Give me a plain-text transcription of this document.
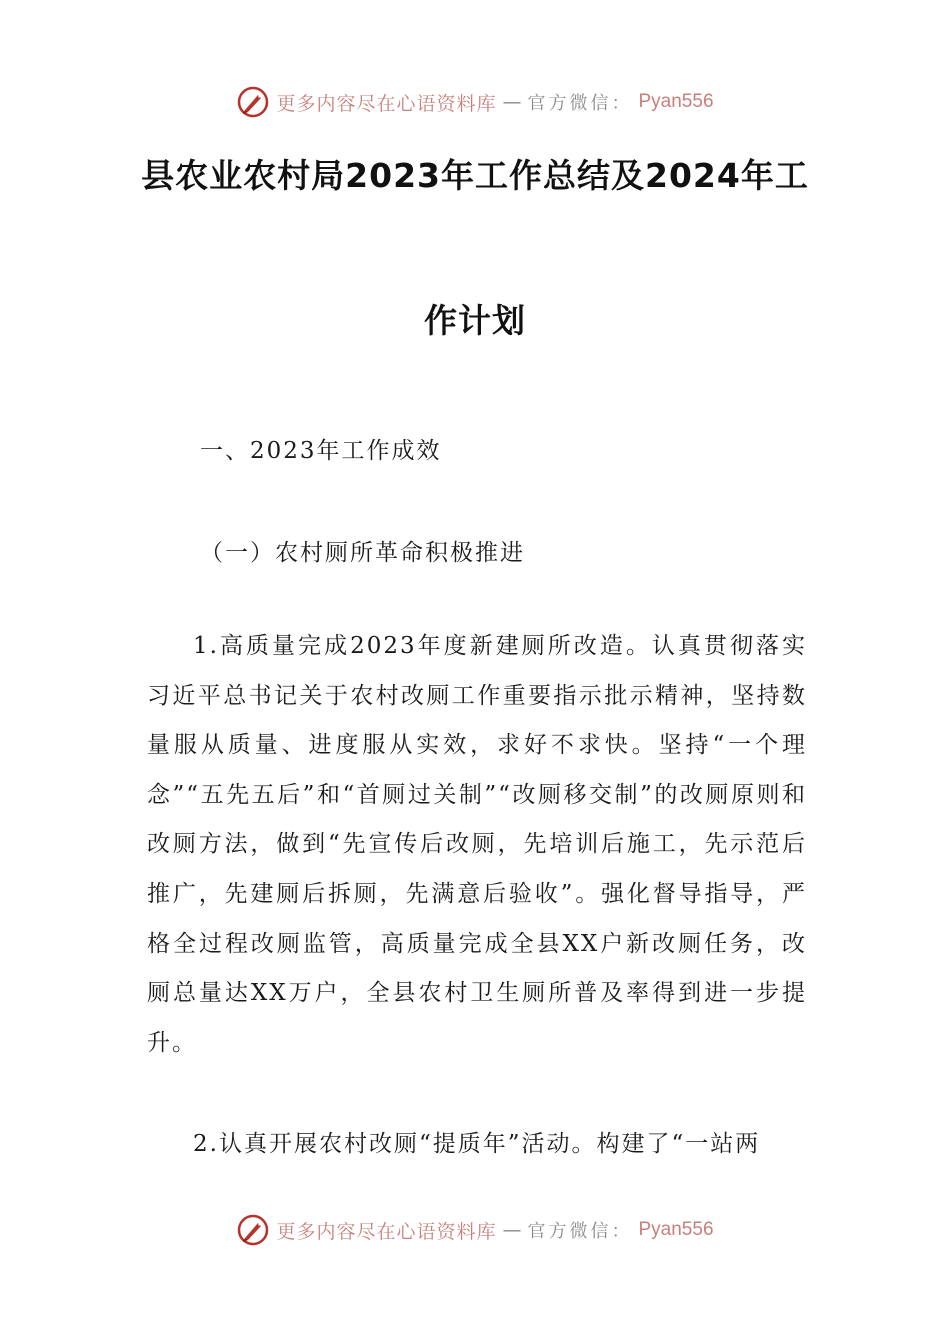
更多内容尽在心语资料库 — 官方微信： Pyan556
县农业农村局2023年工作总结及2024年工
作计划

一、2023年工作成效

（一）农村厕所革命积极推进

1.高质量完成2023年度新建厕所改造。认真贯彻落实习近平总书记关于农村改厕工作重要指示批示精神，坚持数量服从质量、进度服从实效，求好不求快。坚持“一个理念”“五先五后”和“首厕过关制”“改厕移交制”的改厕原则和改厕方法，做到“先宣传后改厕，先培训后施工，先示范后推广，先建厕后拆厕，先满意后验收”。强化督导指导，严格全过程改厕监管，高质量完成全县XX户新改厕任务，改厕总量达XX万户，全县农村卫生厕所普及率得到进一步提升。

2.认真开展农村改厕“提质年”活动。构建了“一站两

更多内容尽在心语资料库 — 官方微信： Pyan556
